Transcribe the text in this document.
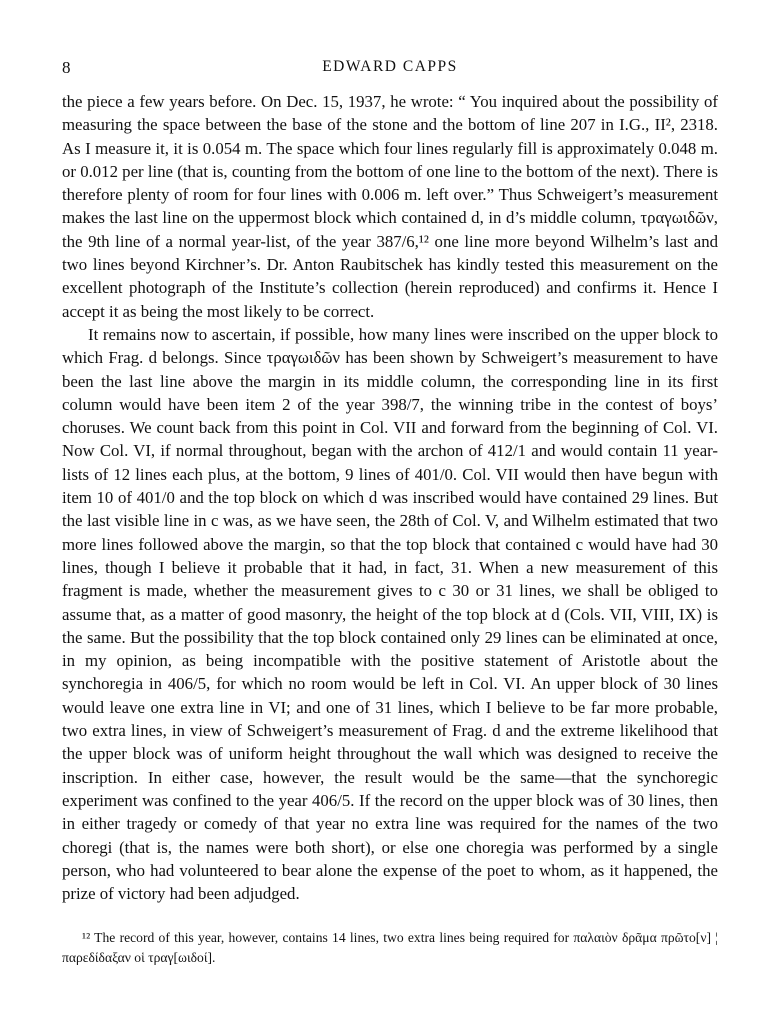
8	EDWARD CAPPS

the piece a few years before. On Dec. 15, 1937, he wrote: “ You inquired about the possibility of measuring the space between the base of the stone and the bottom of line 207 in I.G., II², 2318. As I measure it, it is 0.054 m. The space which four lines regularly fill is approximately 0.048 m. or 0.012 per line (that is, counting from the bottom of one line to the bottom of the next). There is therefore plenty of room for four lines with 0.006 m. left over.” Thus Schweigert’s measurement makes the last line on the uppermost block which contained d, in d’s middle column, τραγωιδῶν, the 9th line of a normal year-list, of the year 387/6,¹² one line more beyond Wilhelm’s last and two lines beyond Kirchner’s. Dr. Anton Raubitschek has kindly tested this measurement on the excellent photograph of the Institute’s collection (herein reproduced) and confirms it. Hence I accept it as being the most likely to be correct.

It remains now to ascertain, if possible, how many lines were inscribed on the upper block to which Frag. d belongs. Since τραγωιδῶν has been shown by Schweigert’s measurement to have been the last line above the margin in its middle column, the corresponding line in its first column would have been item 2 of the year 398/7, the winning tribe in the contest of boys’ choruses. We count back from this point in Col. VII and forward from the beginning of Col. VI. Now Col. VI, if normal throughout, began with the archon of 412/1 and would contain 11 year-lists of 12 lines each plus, at the bottom, 9 lines of 401/0. Col. VII would then have begun with item 10 of 401/0 and the top block on which d was inscribed would have contained 29 lines. But the last visible line in c was, as we have seen, the 28th of Col. V, and Wilhelm estimated that two more lines followed above the margin, so that the top block that contained c would have had 30 lines, though I believe it probable that it had, in fact, 31. When a new measurement of this fragment is made, whether the measurement gives to c 30 or 31 lines, we shall be obliged to assume that, as a matter of good masonry, the height of the top block at d (Cols. VII, VIII, IX) is the same. But the possibility that the top block contained only 29 lines can be eliminated at once, in my opinion, as being incompatible with the positive statement of Aristotle about the synchoregia in 406/5, for which no room would be left in Col. VI. An upper block of 30 lines would leave one extra line in VI; and one of 31 lines, which I believe to be far more probable, two extra lines, in view of Schweigert’s measurement of Frag. d and the extreme likelihood that the upper block was of uniform height throughout the wall which was designed to receive the inscription. In either case, however, the result would be the same—that the synchoregic experiment was confined to the year 406/5. If the record on the upper block was of 30 lines, then in either tragedy or comedy of that year no extra line was required for the names of the two choregi (that is, the names were both short), or else one choregia was performed by a single person, who had volunteered to bear alone the expense of the poet to whom, as it happened, the prize of victory had been adjudged.

¹² The record of this year, however, contains 14 lines, two extra lines being required for παλαιὸν δρᾶμα πρῶτο[ν] ¦ παρεδίδαξαν οἱ τραγ[ωιδοί].
